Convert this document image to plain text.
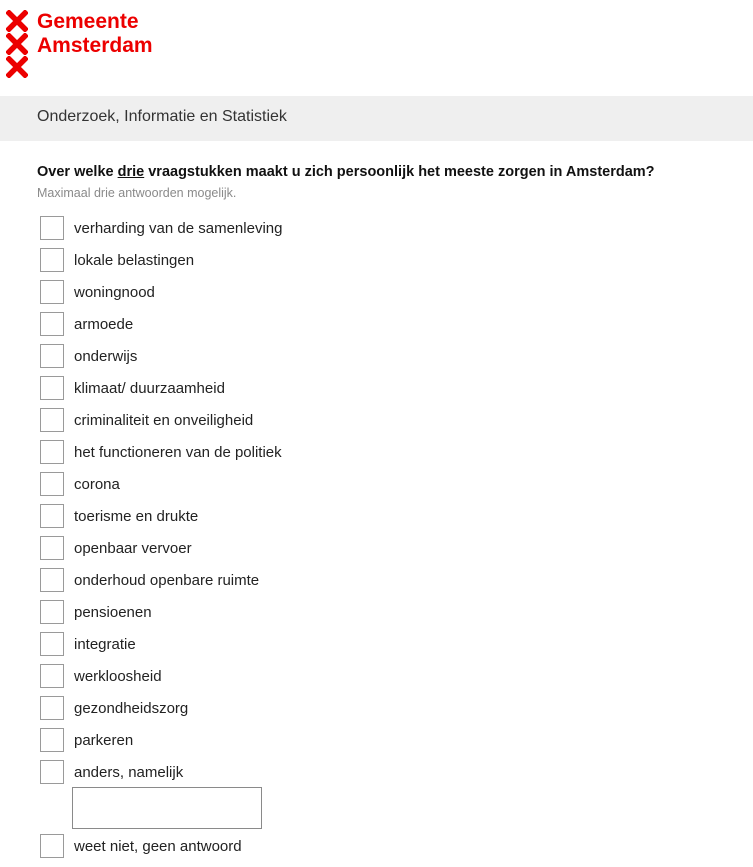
Gemeente
Amsterdam
Onderzoek, Informatie en Statistiek
Over welke drie vraagstukken maakt u zich persoonlijk het meeste zorgen in Amsterdam?
Maximaal drie antwoorden mogelijk.
verharding van de samenleving
lokale belastingen
woningnood
armoede
onderwijs
klimaat/ duurzaamheid
criminaliteit en onveiligheid
het functioneren van de politiek
corona
toerisme en drukte
openbaar vervoer
onderhoud openbare ruimte
pensioenen
integratie
werkloosheid
gezondheidszorg
parkeren
anders, namelijk
weet niet, geen antwoord
